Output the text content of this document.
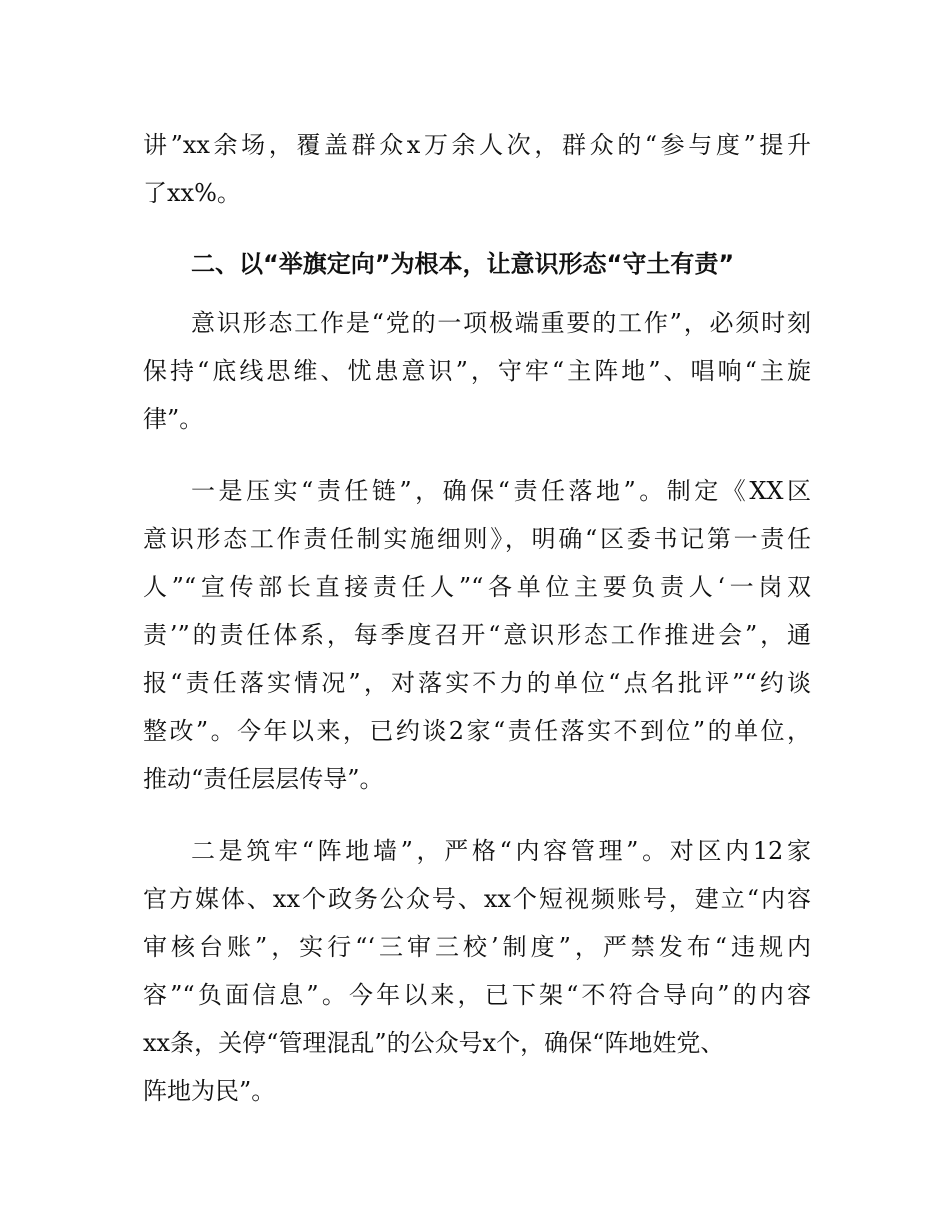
讲”xx余场，覆盖群众x万余人次，群众的“参与度”提升
了xx%。
二、以“举旗定向”为根本，让意识形态“守土有责”
意识形态工作是“党的一项极端重要的工作”，必须时刻
保持“底线思维、忧患意识”，守牢“主阵地”、唱响“主旋
律”。
一是压实“责任链”，确保“责任落地”。制定《XX区
意识形态工作责任制实施细则》，明确“区委书记第一责任
人”“宣传部长直接责任人”“各单位主要负责人‘一岗双
责’”的责任体系，每季度召开“意识形态工作推进会”，通
报“责任落实情况”，对落实不力的单位“点名批评”“约谈
整改”。今年以来，已约谈2家“责任落实不到位”的单位，
推动“责任层层传导”。
二是筑牢“阵地墙”，严格“内容管理”。对区内12家
官方媒体、xx个政务公众号、xx个短视频账号，建立“内容
审核台账”，实行“‘三审三校’制度”，严禁发布“违规内
容”“负面信息”。今年以来，已下架“不符合导向”的内容
xx条，关停“管理混乱”的公众号x个，确保“阵地姓党、
阵地为民”。
